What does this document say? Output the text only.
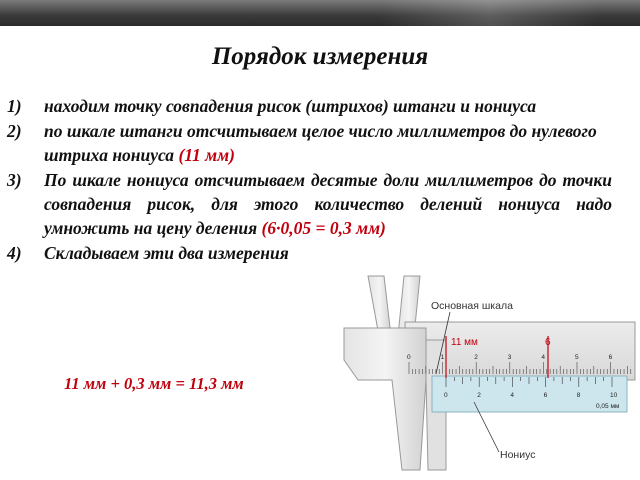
Порядок измерения
1) находим точку совпадения рисок (штрихов) штанги и нониуса
2) по шкале штанги отсчитываем целое число миллиметров до нулевого штриха нониуса (11 мм)
3) По шкале нониуса отсчитываем десятые доли миллиметров до точки совпадения рисок, для этого количество делений нониуса надо умножить на цену деления (6·0,05 = 0,3 мм)
4) Складываем эти два измерения
11 мм + 0,3 мм = 11,3 мм
0	1	2	3	4	5	6
0	2	4	6	8	10
0,05 мм
11 мм	6
Основная шкала
Нониус
